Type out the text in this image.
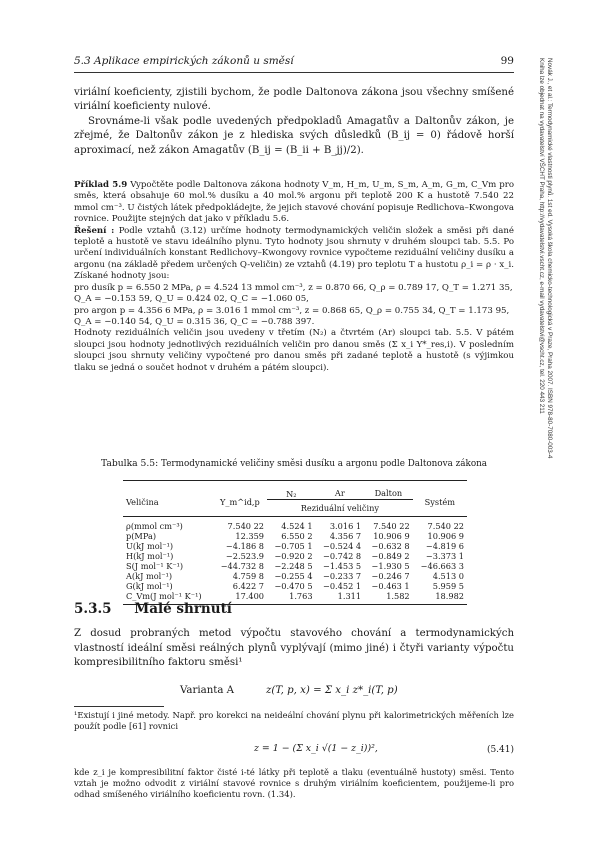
5.3 Aplikace empirických zákonů u směsí	99

viriální koeficienty, zjistili bychom, že podle Daltonova zákona jsou všechny smíšené viriální koeficienty nulové.

Srovnáme-li však podle uvedených předpokladů Amagatův a Daltonův zákon, je zřejmé, že Daltonův zákon je z hlediska svých důsledků (B_ij = 0) řádově horší aproximací, než zákon Amagatův (B_ij = (B_ii + B_jj)/2).

Příklad 5.9 Vypočtěte podle Daltonova zákona hodnoty V_m, H_m, U_m, S_m, A_m, G_m, C_Vm pro směs, která obsahuje 60 mol.% dusíku a 40 mol.% argonu při teplotě 200 K a hustotě 7.540 22 mmol cm⁻³. U čistých látek předpokládejte, že jejich stavové chování popisuje Redlichova–Kwongova rovnice. Použijte stejných dat jako v příkladu 5.6.

Řešení : Podle vztahů (3.12) určíme hodnoty termodynamických veličin složek a směsi při dané teplotě a hustotě ve stavu ideálního plynu. Tyto hodnoty jsou shrnuty v druhém sloupci tab. 5.5. Po určení individuálních konstant Redlichovy–Kwongovy rovnice vypočteme reziduální veličiny dusíku a argonu (na základě předem určených Q-veličin) ze vztahů (4.19) pro teplotu T a hustotu ρ_i = ρ · x_i. Získané hodnoty jsou:

pro dusík p = 6.550 2 MPa, ρ = 4.524 13 mmol cm⁻³, z = 0.870 66, Q_ρ = 0.789 17, Q_T = 1.271 35,

Q_A = −0.153 59, Q_U = 0.424 02, Q_C = −1.060 05,

pro argon p = 4.356 6 MPa, ρ = 3.016 1 mmol cm⁻³, z = 0.868 65, Q_ρ = 0.755 34, Q_T = 1.173 95,

Q_A = −0.140 54, Q_U = 0.315 36, Q_C = −0.788 397.

Hodnoty reziduálních veličin jsou uvedeny v třetím (N₂) a čtvrtém (Ar) sloupci tab. 5.5. V pátém sloupci jsou hodnoty jednotlivých reziduálních veličin pro danou směs (Σ x_i Y*_res,i). V posledním sloupci jsou shrnuty veličiny vypočtené pro danou směs při zadané teplotě a hustotě (s výjimkou tlaku se jedná o součet hodnot v druhém a pátém sloupci).

Tabulka 5.5: Termodynamické veličiny směsi dusíku a argonu podle Daltonova zákona

Veličina	Y_m^id,p	N₂	Ar	Dalton	Systém
		Reziduální veličiny			

ρ(mmol cm⁻³)	7.540 22	4.524 1	3.016 1	7.540 22	7.540 22
p(MPa)	12.359	6.550 2	4.356 7	10.906 9	10.906 9
U(kJ mol⁻¹)	−4.186 8	−0.705 1	−0.524 4	−0.632 8	−4.819 6
H(kJ mol⁻¹)	−2.523.9	−0.920 2	−0.742 8	−0.849 2	−3.373 1
S(J mol⁻¹ K⁻¹)	−44.732 8	−2.248 5	−1.453 5	−1.930 5	−46.663 3
A(kJ mol⁻¹)	4.759 8	−0.255 4	−0.233 7	−0.246 7	4.513 0
G(kJ mol⁻¹)	6.422 7	−0.470 5	−0.452 1	−0.463 1	5.959 5
C_Vm(J mol⁻¹ K⁻¹)	17.400	1.763	1.311	1.582	18.982

5.3.5 Malé shrnutí

Z dosud probraných metod výpočtu stavového chování a termodynamických vlastností ideální směsi reálných plynů vyplývají (mimo jiné) i čtyři varianty výpočtu kompresibilitního faktoru směsi¹

Varianta A	z(T, p, x) = Σ x_i z*_i(T, p)

¹Existují i jiné metody. Např. pro korekci na neideální chování plynu při kalorimetrických měřeních lze použít podle [61] rovnici

z = 1 − (Σ x_i √(1 − z_i))²,	(5.41)

kde z_i je kompresibilitní faktor čisté i-té látky při teplotě a tlaku (eventuálně hustoty) směsi. Tento vztah je možno odvodit z viriální stavové rovnice s druhým viriálním koeficientem, použijeme-li pro odhad smíšeného viriálního koeficientu rovn. (1.34).

Novák J., et al.: Termodynamické vlastnosti plynů. 1st ed. Vysoká škola chemicko-technologická v Praze, Praha 2007. ISBN 978-80-7080-003-4
Kniha lze objednat na vydavatelství VŠCHT Praha, http://vydavatelstvi.vscht.cz, e-mail vydavatelstvi@vscht.cz, tel. 220 443 211
